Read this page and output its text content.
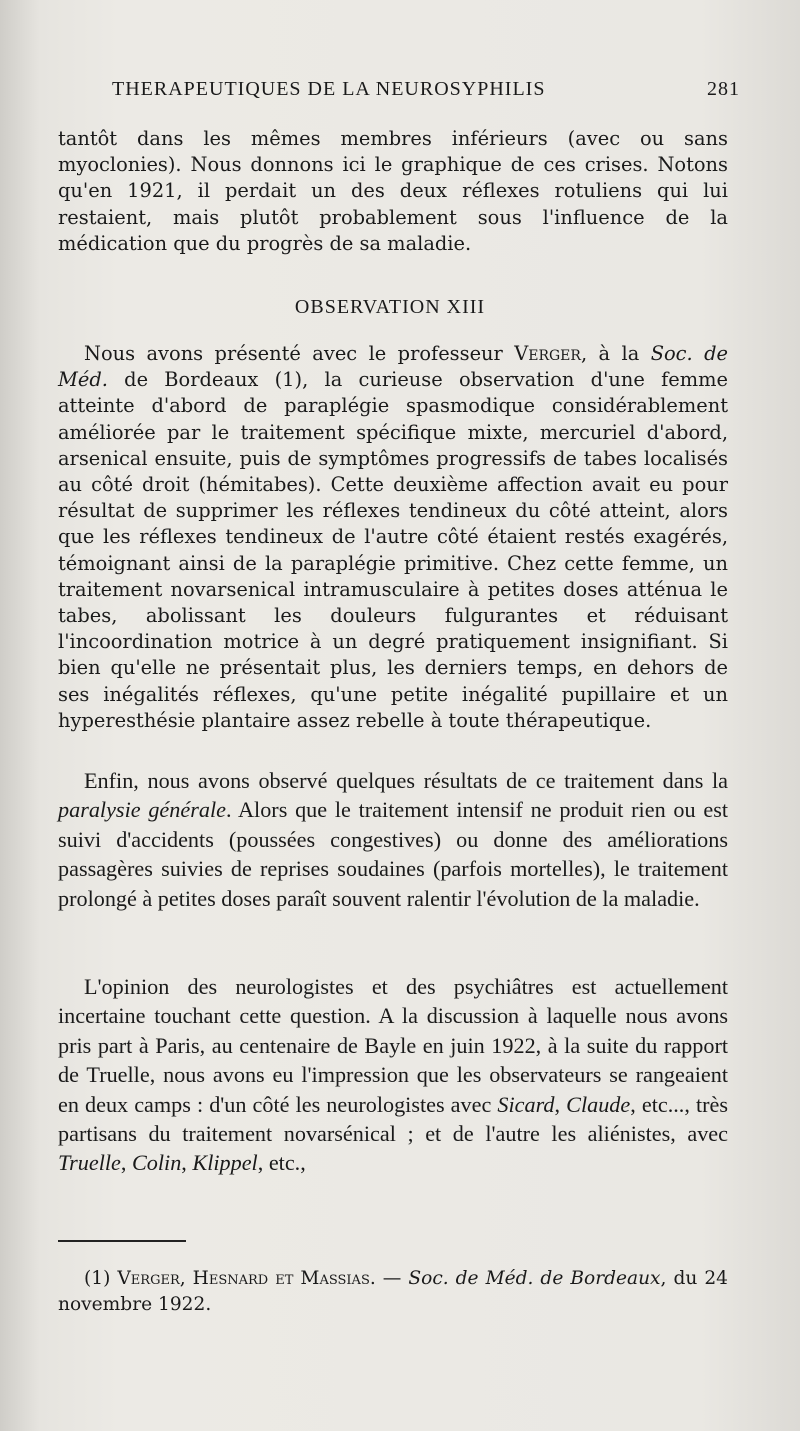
THERAPEUTIQUES DE LA NEUROSYPHILIS	281

tantôt dans les mêmes membres inférieurs (avec ou sans myoclonies). Nous donnons ici le graphique de ces crises. Notons qu'en 1921, il perdait un des deux réflexes rotuliens qui lui restaient, mais plutôt probablement sous l'influence de la médication que du progrès de sa maladie.

OBSERVATION XIII

Nous avons présenté avec le professeur Verger, à la Soc. de Méd. de Bordeaux (1), la curieuse observation d'une femme atteinte d'abord de paraplégie spasmodique considérablement améliorée par le traitement spécifique mixte, mercuriel d'abord, arsenical ensuite, puis de symptômes progressifs de tabes localisés au côté droit (hémitabes). Cette deuxième affection avait eu pour résultat de supprimer les réflexes tendineux du côté atteint, alors que les réflexes tendineux de l'autre côté étaient restés exagérés, témoignant ainsi de la paraplégie primitive. Chez cette femme, un traitement novarsenical intramusculaire à petites doses atténua le tabes, abolissant les douleurs fulgurantes et réduisant l'incoordination motrice à un degré pratiquement insignifiant. Si bien qu'elle ne présentait plus, les derniers temps, en dehors de ses inégalités réflexes, qu'une petite inégalité pupillaire et un hyperesthésie plantaire assez rebelle à toute thérapeutique.

Enfin, nous avons observé quelques résultats de ce traitement dans la paralysie générale. Alors que le traitement intensif ne produit rien ou est suivi d'accidents (poussées congestives) ou donne des améliorations passagères suivies de reprises soudaines (parfois mortelles), le traitement prolongé à petites doses paraît souvent ralentir l'évolution de la maladie.

L'opinion des neurologistes et des psychiâtres est actuellement incertaine touchant cette question. A la discussion à laquelle nous avons pris part à Paris, au centenaire de Bayle en juin 1922, à la suite du rapport de Truelle, nous avons eu l'impression que les observateurs se rangeaient en deux camps : d'un côté les neurologistes avec Sicard, Claude, etc..., très partisans du traitement novarsénical ; et de l'autre les aliénistes, avec Truelle, Colin, Klippel, etc.,

(1) Verger, Hesnard et Massias. — Soc. de Méd. de Bordeaux, du 24 novembre 1922.
